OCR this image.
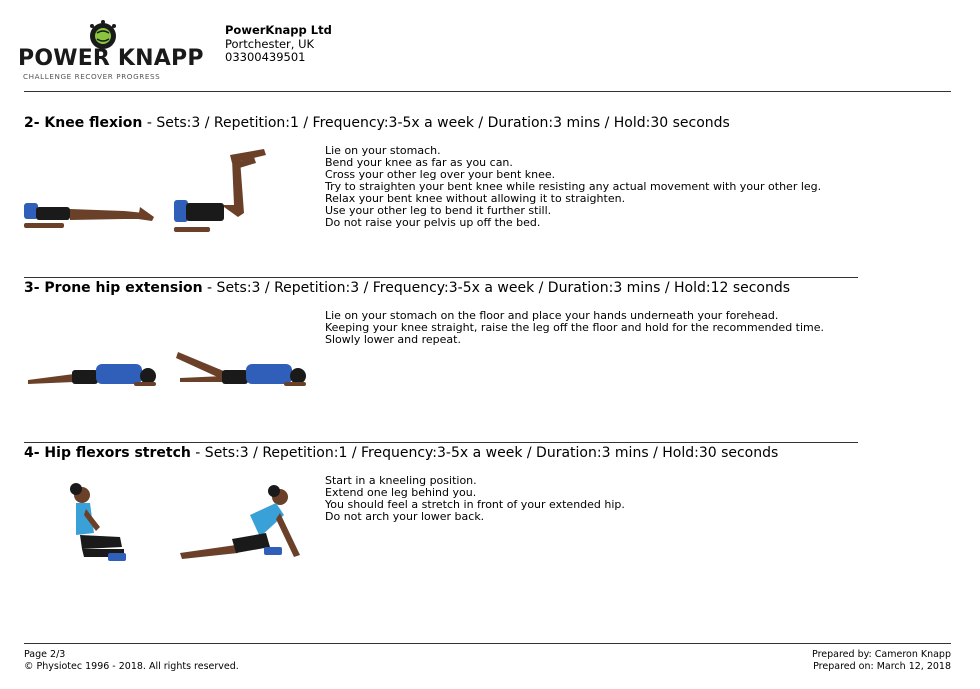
POWER KNAPP
CHALLENGE RECOVER PROGRESS
PowerKnapp Ltd
Portchester, UK
03300439501
2- Knee flexion - Sets:3 / Repetition:1 / Frequency:3-5x a week / Duration:3 mins / Hold:30 seconds
Lie on your stomach.
Bend your knee as far as you can.
Cross your other leg over your bent knee.
Try to straighten your bent knee while resisting any actual movement with your other leg.
Relax your bent knee without allowing it to straighten.
Use your other leg to bend it further still.
Do not raise your pelvis up off the bed.
3- Prone hip extension - Sets:3 / Repetition:3 / Frequency:3-5x a week / Duration:3 mins / Hold:12 seconds
Lie on your stomach on the floor and place your hands underneath your forehead.
Keeping your knee straight, raise the leg off the floor and hold for the recommended time.
Slowly lower and repeat.
4- Hip flexors stretch - Sets:3 / Repetition:1 / Frequency:3-5x a week / Duration:3 mins / Hold:30 seconds
Start in a kneeling position.
Extend one leg behind you.
You should feel a stretch in front of your extended hip.
Do not arch your lower back.
Page 2/3
© Physiotec 1996 - 2018. All rights reserved.
Prepared by: Cameron Knapp
Prepared on: March 12, 2018
